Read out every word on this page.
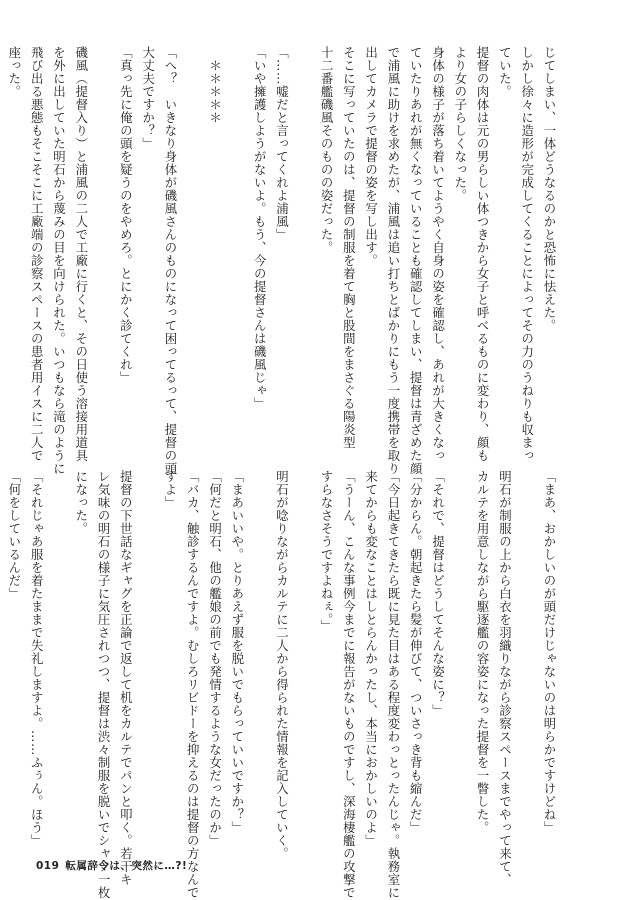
じてしまい、一体どうなるのかと恐怖に怯えた。
しかし徐々に造形が完成してくることによってその力のうねりも収まっ
ていた。
提督の肉体は元の男らしい体つきから女子と呼べるものに変わり、顔も
より女の子らしくなった。
身体の様子が落ち着いてようやく自身の姿を確認し、あれが大きくなっ
ていたりあれが無くなっていることも確認してしまい、提督は青ざめた顔
で浦風に助けを求めたが、浦風は追い打ちとばかりにもう一度携帯を取り
出してカメラで提督の姿を写し出す。
そこに写っていたのは、提督の制服を着て胸と股間をまさぐる陽炎型
十二番艦磯風そのものの姿だった。

「……嘘だと言ってくれよ浦風」
「いや擁護しようがないよ。もう、今の提督さんは磯風じゃ」

　＊＊＊＊＊

「へ？　いきなり身体が磯風さんのものになって困ってるって、提督の頭
大丈夫ですか？」
「真っ先に俺の頭を疑うのをやめろ。とにかく診てくれ」

磯風（提督入り）と浦風の二人で工廠に行くと、その日使う溶接用道具
を外に出していた明石から蔑みの目を向けられた。いつもなら滝のように
飛び出る悪態もそこそこに工廠端の診察スペースの患者用イスに二人で
座った。
「まあ、おかしいのが頭だけじゃないのは明らかですけどね」

明石が制服の上から白衣を羽織りながら診察スペースまでやって来て、
カルテを用意しながら駆逐艦の容姿になった提督を一瞥した。

「それで、提督はどうしてそんな姿に？」
「分からん。朝起きたら髪が伸びて、ついさっき背も縮んだ」
「今日起きてきたら既に見た目はある程度変わっとったんじゃ。執務室に
来てからも変なことはしとらんかったし、本当におかしいのよ」
「うーん、こんな事例今までに報告がないものですし、深海棲艦の攻撃で
すらなさそうですよねぇ。」

明石が唸りながらカルテに二人から得られた情報を記入していく。

「まあいいや。とりあえず服を脱いでもらっていいですか？」
「何だと明石、他の艦娘の前でも発情するような女だったのか」
「バカ、触診するんですよ。むしろリビドーを抑えるのは提督の方なんで
すよ」

提督の下世話なギャグを正論で返して机をカルテでパンと叩く。若干キ
レ気味の明石の様子に気圧されつつ、提督は渋々制服を脱いでシャツ一枚
になった。

「それじゃあ服を着たままで失礼しますよ。……ふぅん。ほう」
「何をしているんだ」
019 転属辞令は、突然に…?!
